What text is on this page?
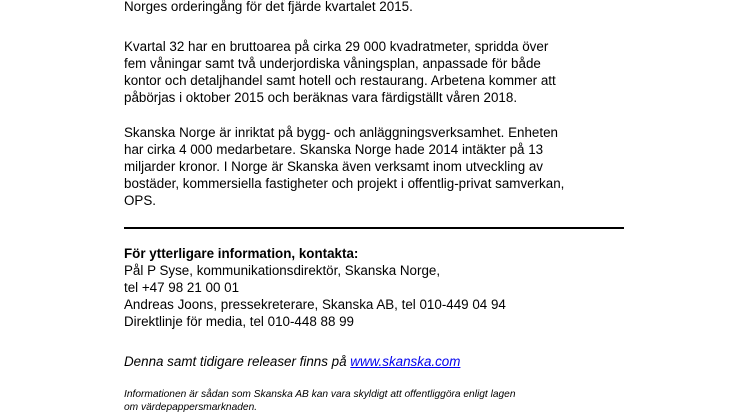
Norges orderingång för det fjärde kvartalet 2015.
Kvartal 32 har en bruttoarea på cirka 29 000 kvadratmeter, spridda över
fem våningar samt två underjordiska våningsplan, anpassade för både
kontor och detaljhandel samt hotell och restaurang. Arbetena kommer att
påbörjas i oktober 2015 och beräknas vara färdigställt våren 2018.
Skanska Norge är inriktat på bygg- och anläggningsverksamhet. Enheten
har cirka 4 000 medarbetare. Skanska Norge hade 2014 intäkter på 13
miljarder kronor. I Norge är Skanska även verksamt inom utveckling av
bostäder, kommersiella fastigheter och projekt i offentlig-privat samverkan,
OPS.
För ytterligare information, kontakta:
Pål P Syse, kommunikationsdirektör, Skanska Norge,
tel +47 98 21 00 01
Andreas Joons, pressekreterare, Skanska AB, tel 010-449 04 94
Direktlinje för media, tel 010-448 88 99
Denna samt tidigare releaser finns på www.skanska.com
Informationen är sådan som Skanska AB kan vara skyldigt att offentliggöra enligt lagen
om värdepappersmarknaden.
